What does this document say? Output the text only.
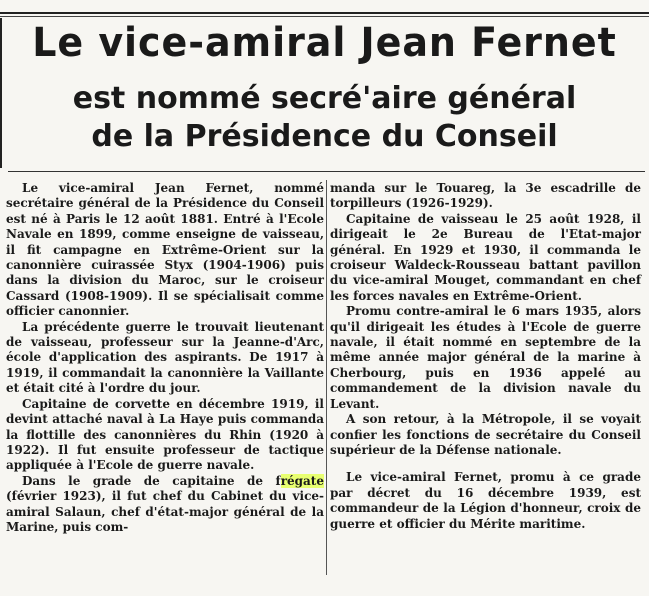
Le vice-amiral Jean Fernet
est nommé secré'aire général
de la Présidence du Conseil

Le vice-amiral Jean Fernet, nommé secrétaire général de la Présidence du Conseil est né à Paris le 12 août 1881. Entré à l'Ecole Navale en 1899, comme enseigne de vaisseau, il fit campagne en Extrême-Orient sur la canonnière cuirassée Styx (1904-1906) puis dans la division du Maroc, sur le croiseur Cassard (1908-1909). Il se spécialisait comme officier canonnier.

La précédente guerre le trouvait lieutenant de vaisseau, professeur sur la Jeanne-d'Arc, école d'application des aspirants. De 1917 à 1919, il commandait la canonnière la Vaillante et était cité à l'ordre du jour.

Capitaine de corvette en décembre 1919, il devint attaché naval à La Haye puis commanda la flottille des canonnières du Rhin (1920 à 1922). Il fut ensuite professeur de tactique appliquée à l'Ecole de guerre navale.

Dans le grade de capitaine de frégate (février 1923), il fut chef du Cabinet du vice-amiral Salaun, chef d'état-major général de la Marine, puis com-

manda sur le Touareg, la 3e escadrille de torpilleurs (1926-1929).

Capitaine de vaisseau le 25 août 1928, il dirigeait le 2e Bureau de l'Etat-major général. En 1929 et 1930, il commanda le croiseur Waldeck-Rousseau battant pavillon du vice-amiral Mouget, commandant en chef les forces navales en Extrême-Orient.

Promu contre-amiral le 6 mars 1935, alors qu'il dirigeait les études à l'Ecole de guerre navale, il était nommé en septembre de la même année major général de la marine à Cherbourg, puis en 1936 appelé au commandement de la division navale du Levant.

A son retour, à la Métropole, il se voyait confier les fonctions de secrétaire du Conseil supérieur de la Défense nationale.

Le vice-amiral Fernet, promu à ce grade par décret du 16 décembre 1939, est commandeur de la Légion d'honneur, croix de guerre et officier du Mérite maritime.
